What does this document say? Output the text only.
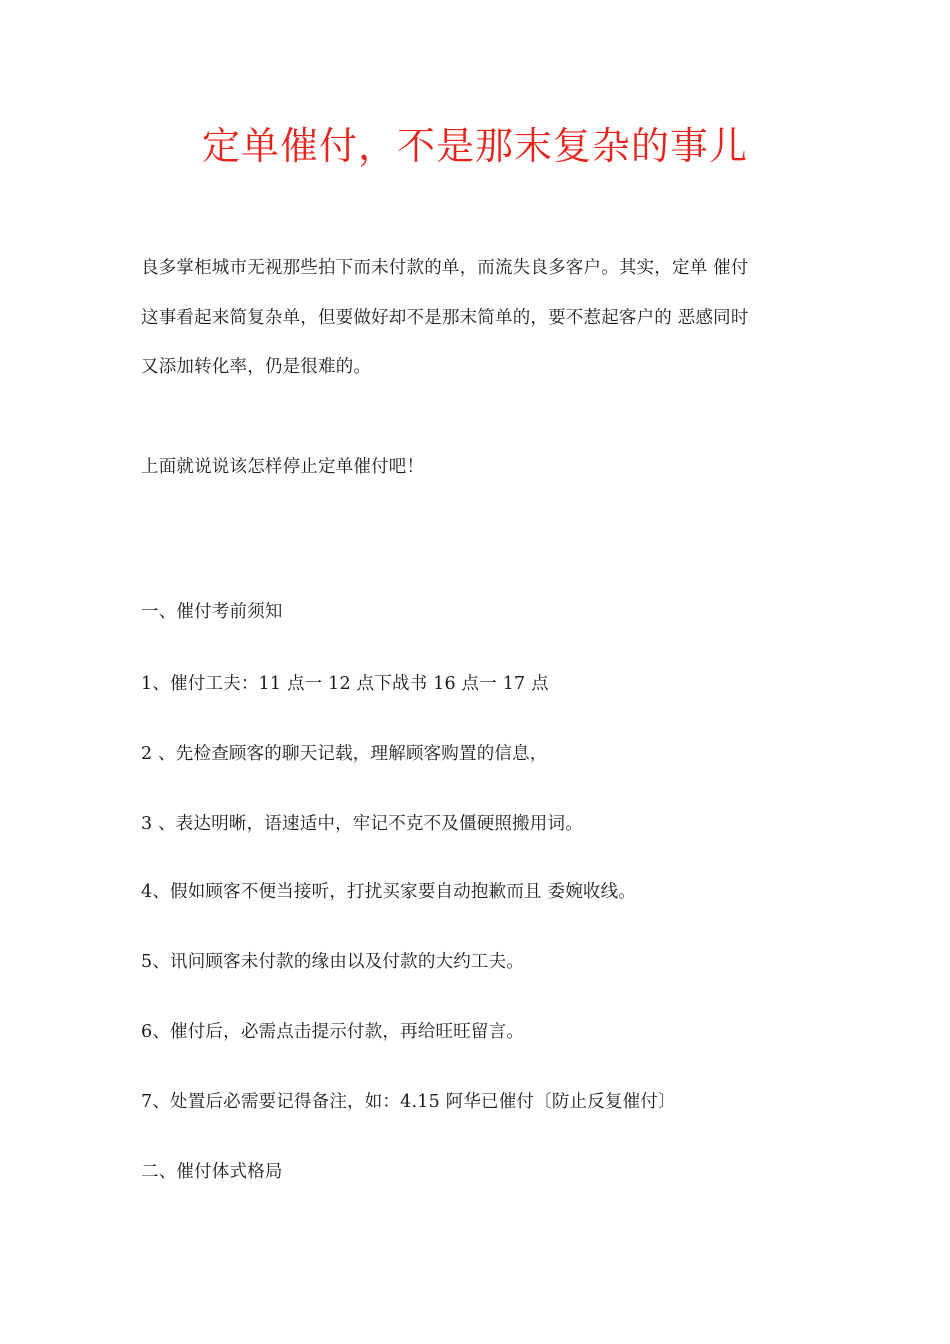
定单催付，不是那末复杂的事儿
良多掌柜城市无视那些拍下而未付款的单，而流失良多客户。其实，定单 催付
这事看起来简复杂单，但要做好却不是那末简单的，要不惹起客户的 恶感同时
又添加转化率，仍是很难的。
上面就说说该怎样停止定单催付吧！
一、催付考前须知
1、催付工夫：11 点一 12 点下战书 16 点一 17 点
2 、先检查顾客的聊天记载，理解顾客购置的信息，
3 、表达明晰，语速适中，牢记不克不及僵硬照搬用词。
4、假如顾客不便当接听，打扰买家要自动抱歉而且 委婉收线。
5、讯问顾客未付款的缘由以及付款的大约工夫。
6、催付后，必需点击提示付款，再给旺旺留言。
7、处置后必需要记得备注，如：4.15 阿华已催付〔防止反复催付〕
二、催付体式格局
